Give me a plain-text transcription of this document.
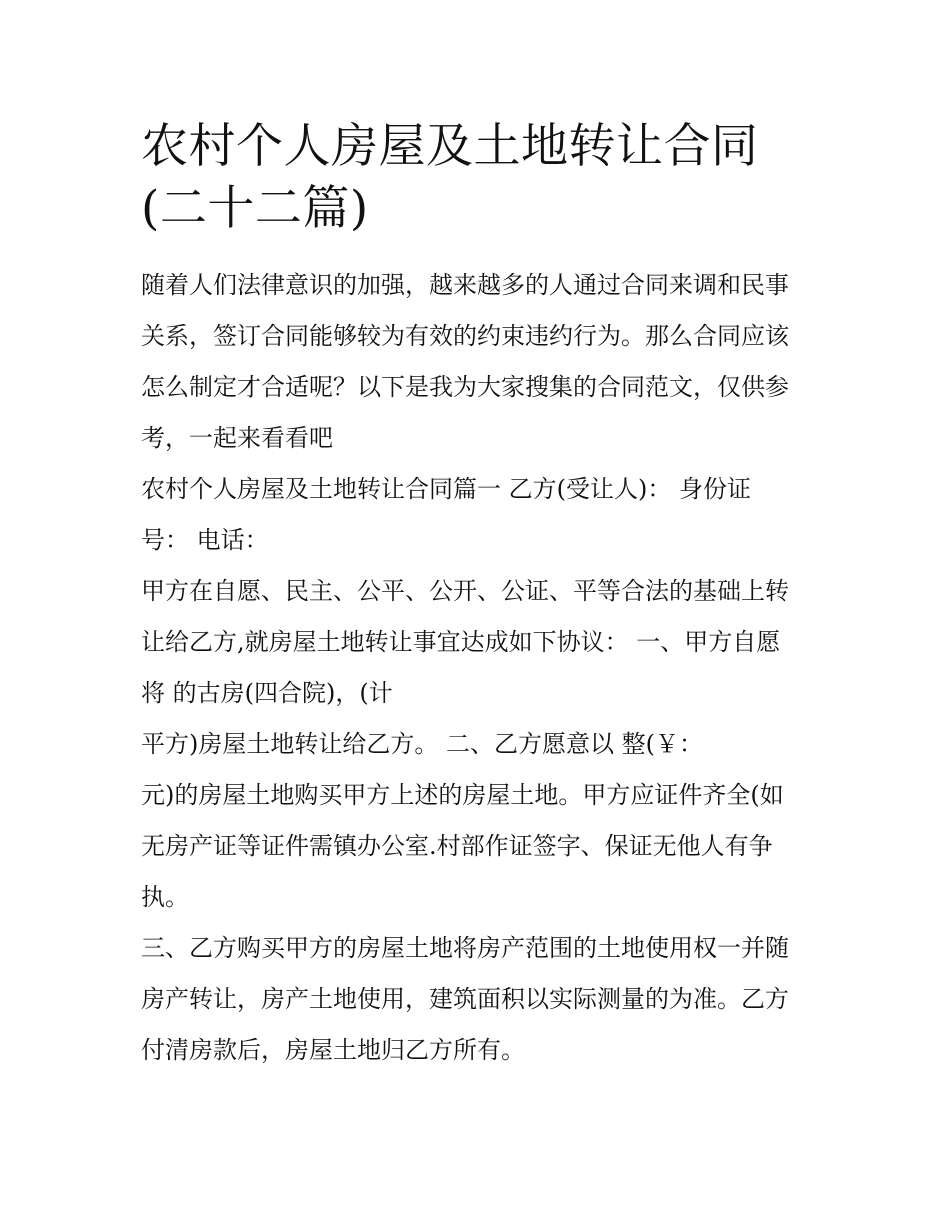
农村个人房屋及土地转让合同
(二十二篇)

随着人们法律意识的加强，越来越多的人通过合同来调和民事
关系，签订合同能够较为有效的约束违约行为。那么合同应该
怎么制定才合适呢？以下是我为大家搜集的合同范文，仅供参
考，一起来看看吧

农村个人房屋及土地转让合同篇一 乙方(受让人)： 身份证
号： 电话：

甲方在自愿、民主、公平、公开、公证、平等合法的基础上转
让给乙方,就房屋土地转让事宜达成如下协议： 一、甲方自愿
将 的古房(四合院)，(计

平方)房屋土地转让给乙方。 二、乙方愿意以 整(￥：

元)的房屋土地购买甲方上述的房屋土地。甲方应证件齐全(如
无房产证等证件需镇办公室.村部作证签字、保证无他人有争
执。

三、乙方购买甲方的房屋土地将房产范围的土地使用权一并随
房产转让，房产土地使用，建筑面积以实际测量的为准。乙方
付清房款后，房屋土地归乙方所有。
